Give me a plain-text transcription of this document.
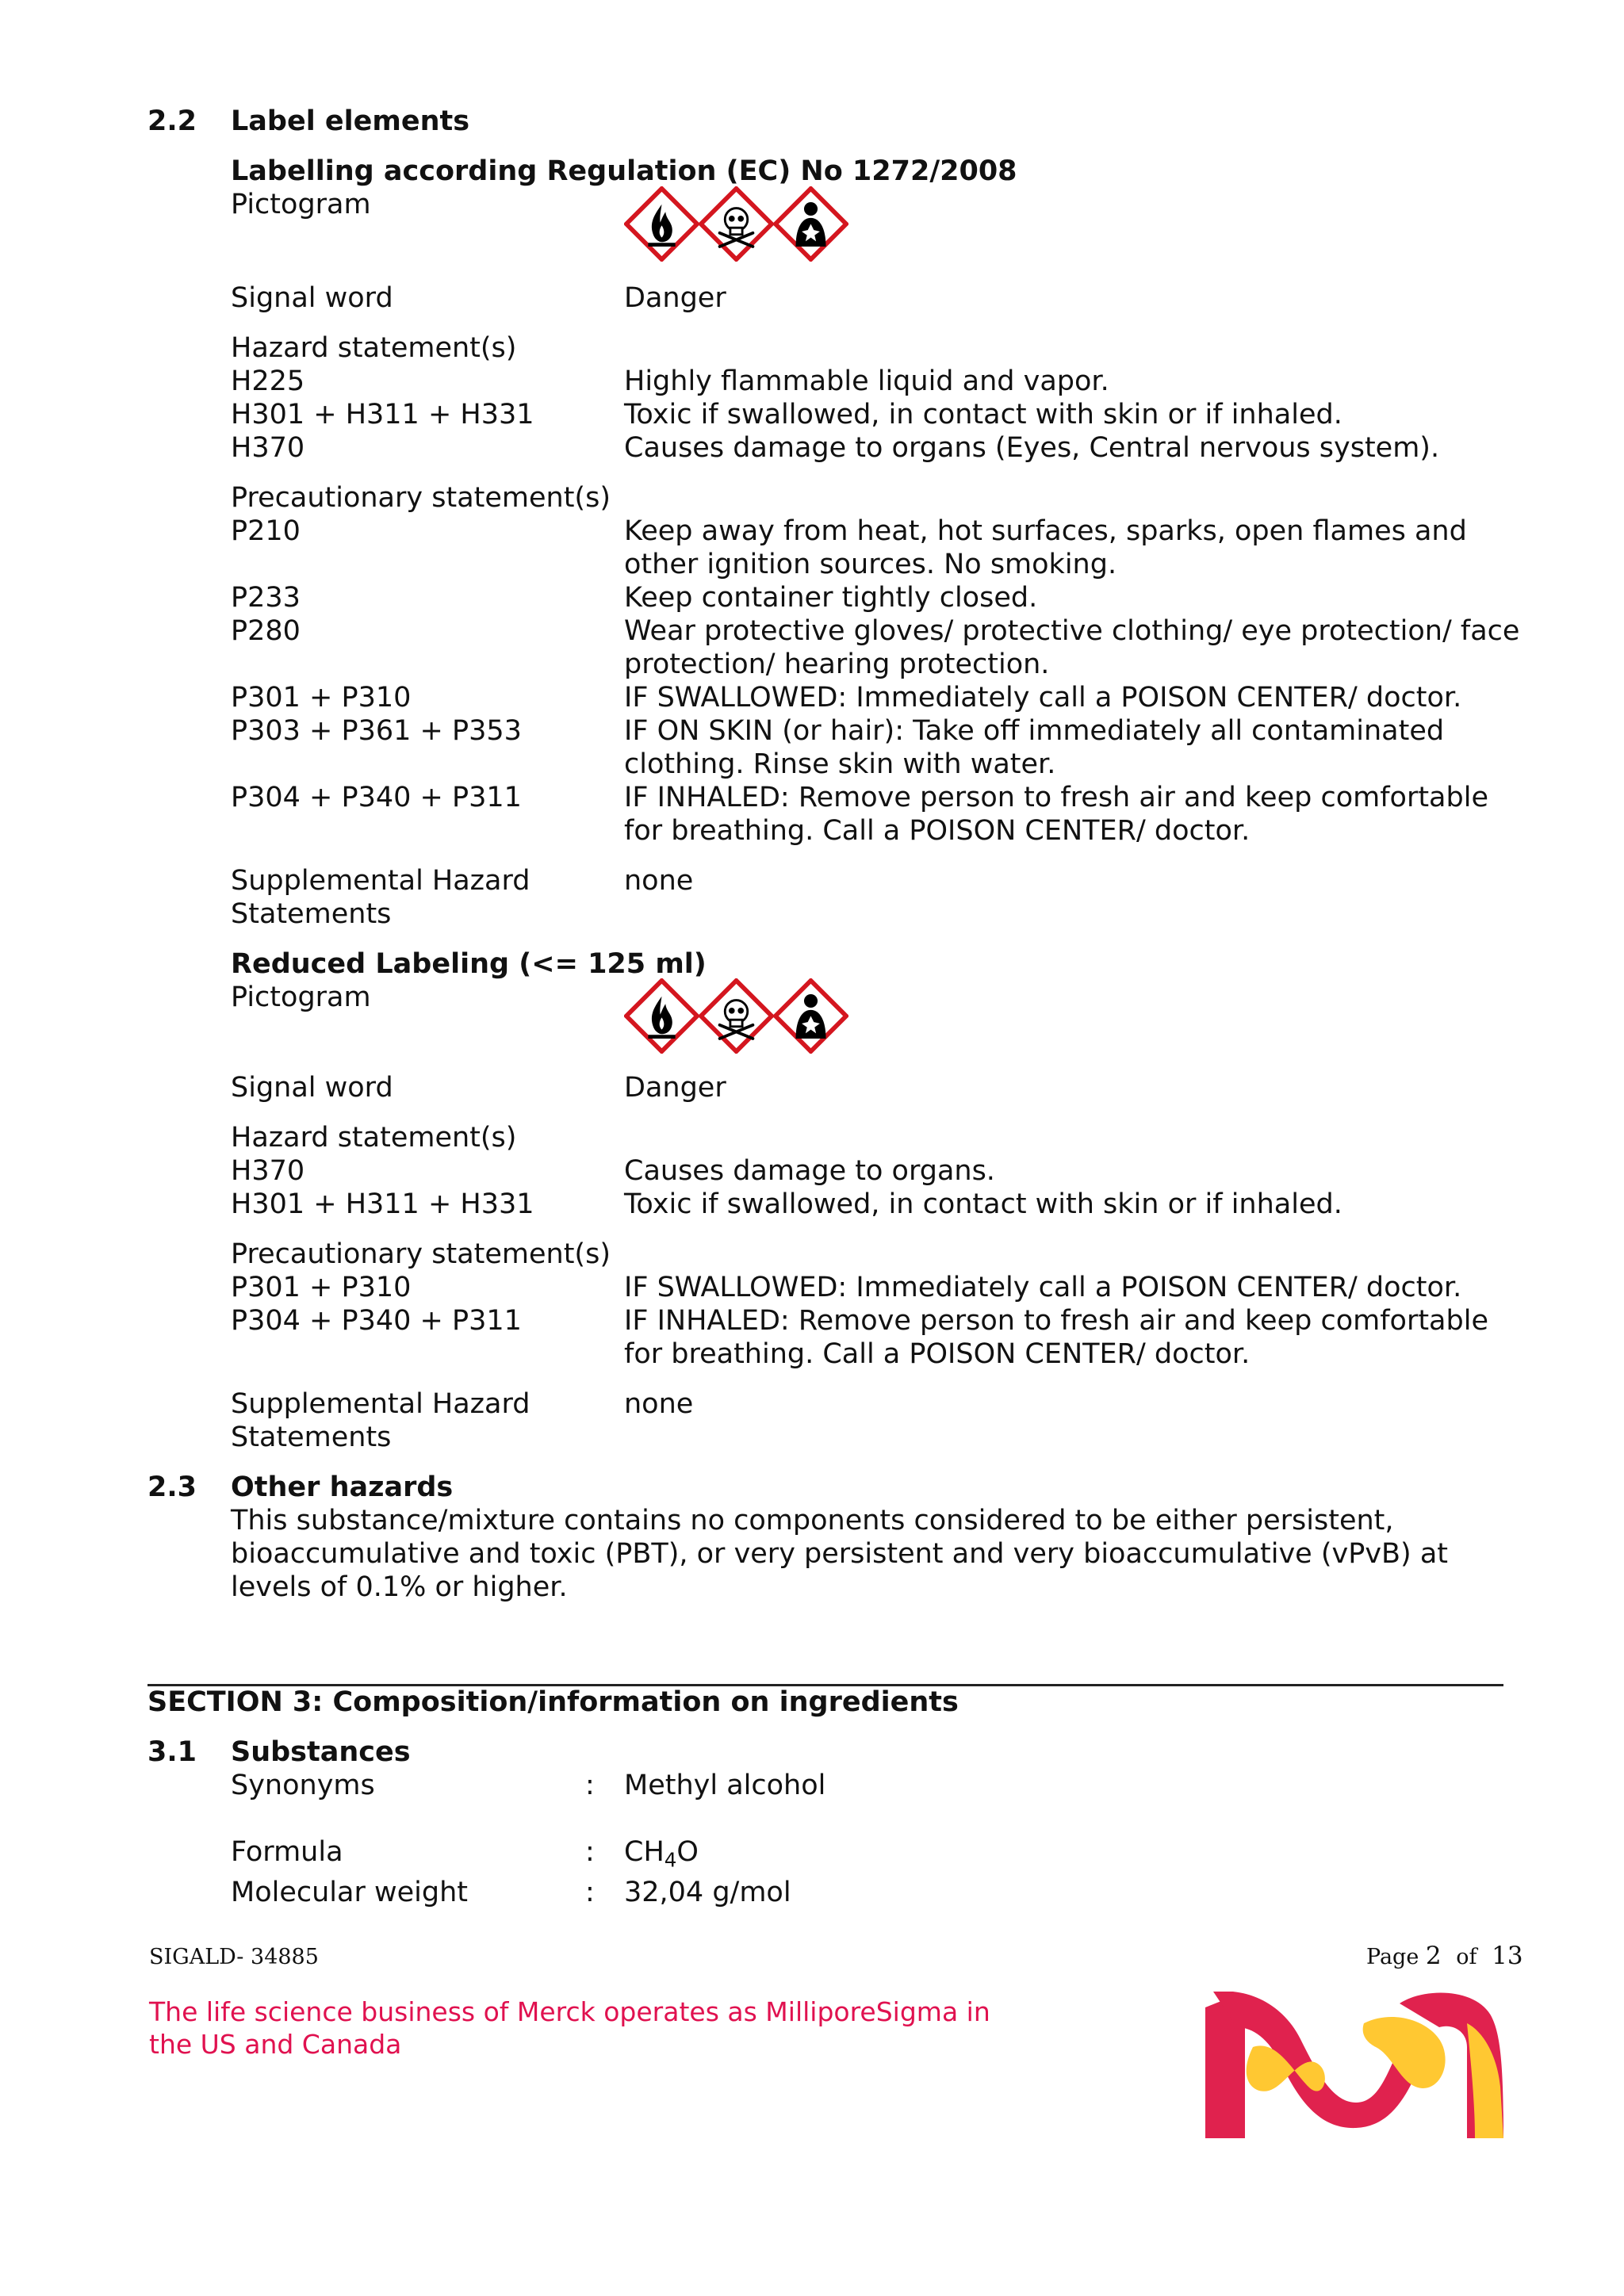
2.2 Label elements
Labelling according Regulation (EC) No 1272/2008
Pictogram
Signal word	Danger
Hazard statement(s)
H225	Highly flammable liquid and vapor.
H301 + H311 + H331	Toxic if swallowed, in contact with skin or if inhaled.
H370	Causes damage to organs (Eyes, Central nervous system).
Precautionary statement(s)
P210	Keep away from heat, hot surfaces, sparks, open flames and
other ignition sources. No smoking.
P233	Keep container tightly closed.
P280	Wear protective gloves/ protective clothing/ eye protection/ face
protection/ hearing protection.
P301 + P310	IF SWALLOWED: Immediately call a POISON CENTER/ doctor.
P303 + P361 + P353	IF ON SKIN (or hair): Take off immediately all contaminated
clothing. Rinse skin with water.
P304 + P340 + P311	IF INHALED: Remove person to fresh air and keep comfortable
for breathing. Call a POISON CENTER/ doctor.
Supplemental Hazard	none
Statements
Reduced Labeling (<= 125 ml)
Pictogram
Signal word	Danger
Hazard statement(s)
H370	Causes damage to organs.
H301 + H311 + H331	Toxic if swallowed, in contact with skin or if inhaled.
Precautionary statement(s)
P301 + P310	IF SWALLOWED: Immediately call a POISON CENTER/ doctor.
P304 + P340 + P311	IF INHALED: Remove person to fresh air and keep comfortable
for breathing. Call a POISON CENTER/ doctor.
Supplemental Hazard	none
Statements
2.3 Other hazards
This substance/mixture contains no components considered to be either persistent,
bioaccumulative and toxic (PBT), or very persistent and very bioaccumulative (vPvB) at
levels of 0.1% or higher.
SECTION 3: Composition/information on ingredients
3.1 Substances
Synonyms	: Methyl alcohol
Formula	: $CH_4O$
Molecular weight	: 32,04 g/mol
SIGALD- 34885	Page 2 of 13
The life science business of Merck operates as MilliporeSigma in
the US and Canada
